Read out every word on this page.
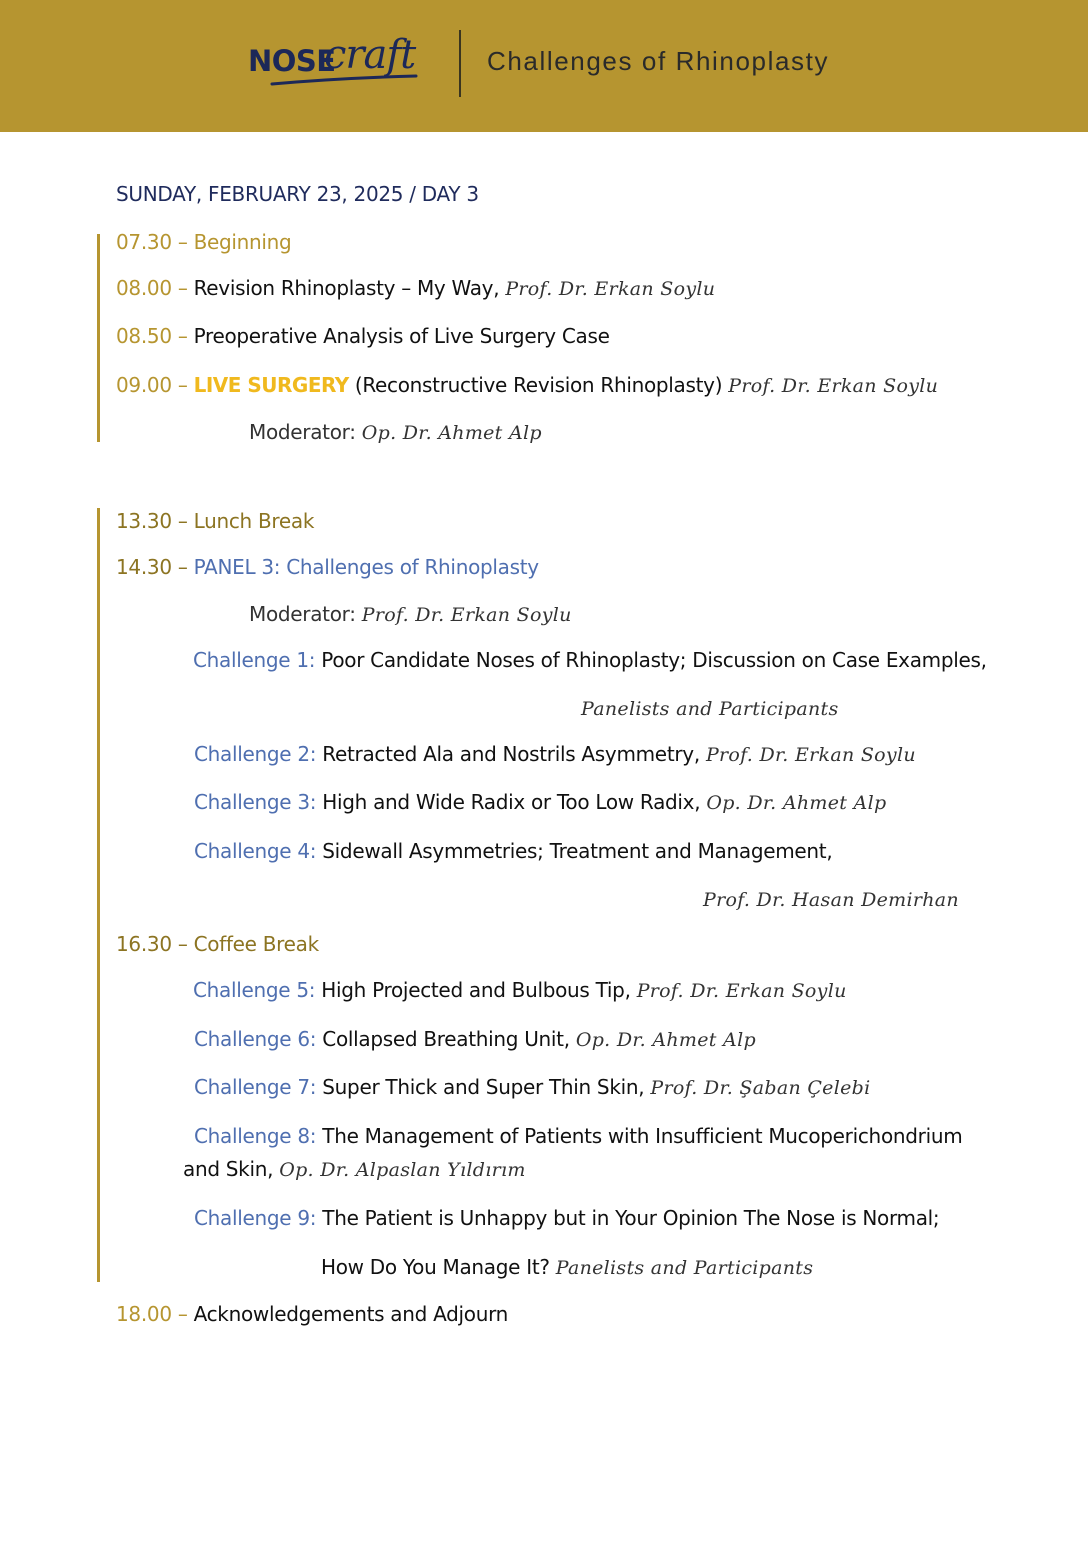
NOSE
craft	Challenges of Rhinoplasty
SUNDAY, FEBRUARY 23, 2025 / DAY 3
07.30 – Beginning
08.00 – Revision Rhinoplasty – My Way, Prof. Dr. Erkan Soylu
08.50 – Preoperative Analysis of Live Surgery Case
09.00 – LIVE SURGERY (Reconstructive Revision Rhinoplasty) Prof. Dr. Erkan Soylu
Moderator: Op. Dr. Ahmet Alp
13.30 – Lunch Break
14.30 – PANEL 3: Challenges of Rhinoplasty
Moderator: Prof. Dr. Erkan Soylu
Challenge 1: Poor Candidate Noses of Rhinoplasty; Discussion on Case Examples,
Panelists and Participants
Challenge 2: Retracted Ala and Nostrils Asymmetry, Prof. Dr. Erkan Soylu
Challenge 3: High and Wide Radix or Too Low Radix, Op. Dr. Ahmet Alp
Challenge 4: Sidewall Asymmetries; Treatment and Management,
Prof. Dr. Hasan Demirhan
16.30 – Coffee Break
Challenge 5: High Projected and Bulbous Tip, Prof. Dr. Erkan Soylu
Challenge 6: Collapsed Breathing Unit, Op. Dr. Ahmet Alp
Challenge 7: Super Thick and Super Thin Skin, Prof. Dr. Şaban Çelebi
Challenge 8: The Management of Patients with Insufficient Mucoperichondrium
and Skin, Op. Dr. Alpaslan Yıldırım
Challenge 9: The Patient is Unhappy but in Your Opinion The Nose is Normal;
How Do You Manage It? Panelists and Participants
18.00 – Acknowledgements and Adjourn
